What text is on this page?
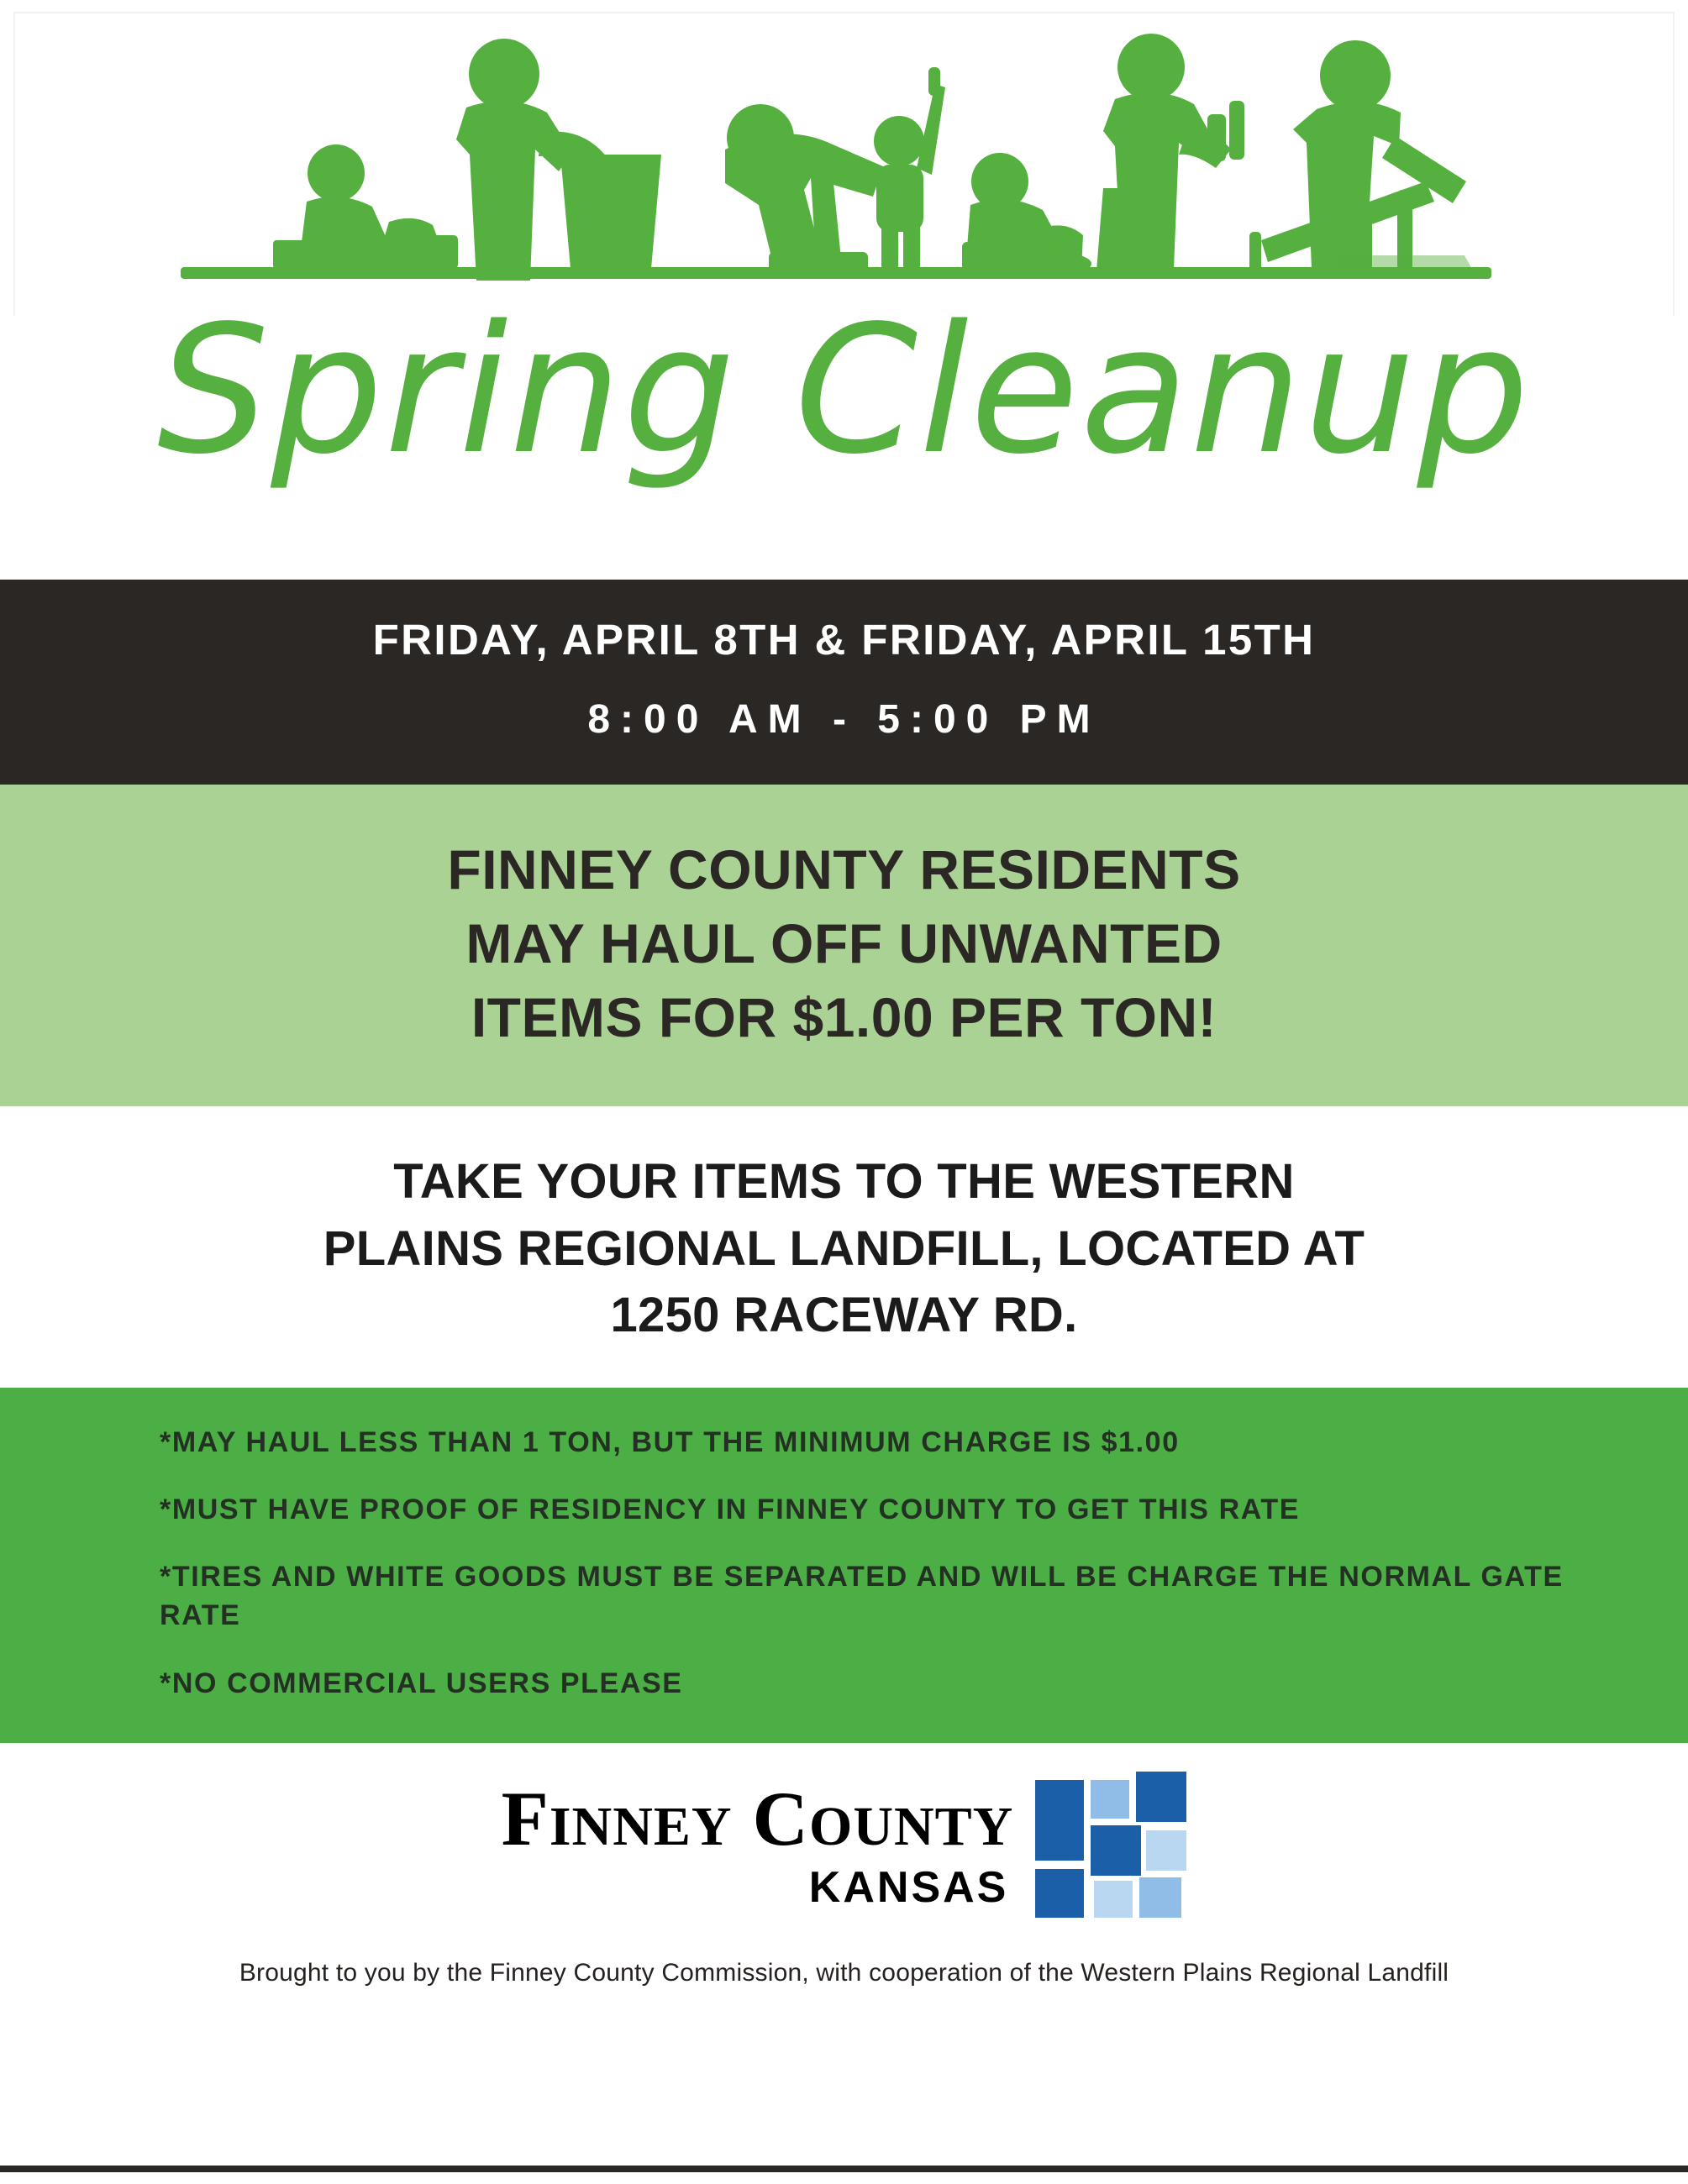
Spring Cleanup
FRIDAY, APRIL 8TH & FRIDAY, APRIL 15TH
8:00 AM - 5:00 PM
FINNEY COUNTY RESIDENTS
MAY HAUL OFF UNWANTED
ITEMS FOR $1.00 PER TON!
TAKE YOUR ITEMS TO THE WESTERN
PLAINS REGIONAL LANDFILL, LOCATED AT
1250 RACEWAY RD.
*MAY HAUL LESS THAN 1 TON, BUT THE MINIMUM CHARGE IS $1.00
*MUST HAVE PROOF OF RESIDENCY IN FINNEY COUNTY TO GET THIS RATE
*TIRES AND WHITE GOODS MUST BE SEPARATED AND WILL BE CHARGE THE NORMAL GATE RATE
*NO COMMERCIAL USERS PLEASE
FINNEY COUNTY
KANSAS
Brought to you by the Finney County Commission, with cooperation of the Western Plains Regional Landfill
